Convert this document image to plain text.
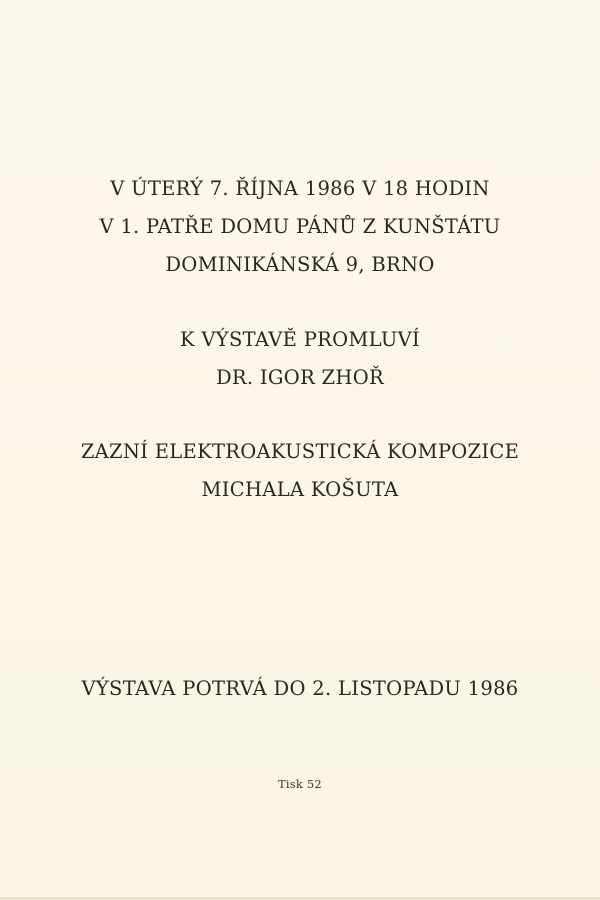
V ÚTERÝ 7. ŘÍJNA 1986 V 18 HODIN
V 1. PATŘE DOMU PÁNŮ Z KUNŠTÁTU
DOMINIKÁNSKÁ 9, BRNO
K VÝSTAVĚ PROMLUVÍ
DR. IGOR ZHOŘ
ZAZNÍ ELEKTROAKUSTICKÁ KOMPOZICE
MICHALA KOŠUTA
VÝSTAVA POTRVÁ DO 2. LISTOPADU 1986
Tisk 52
